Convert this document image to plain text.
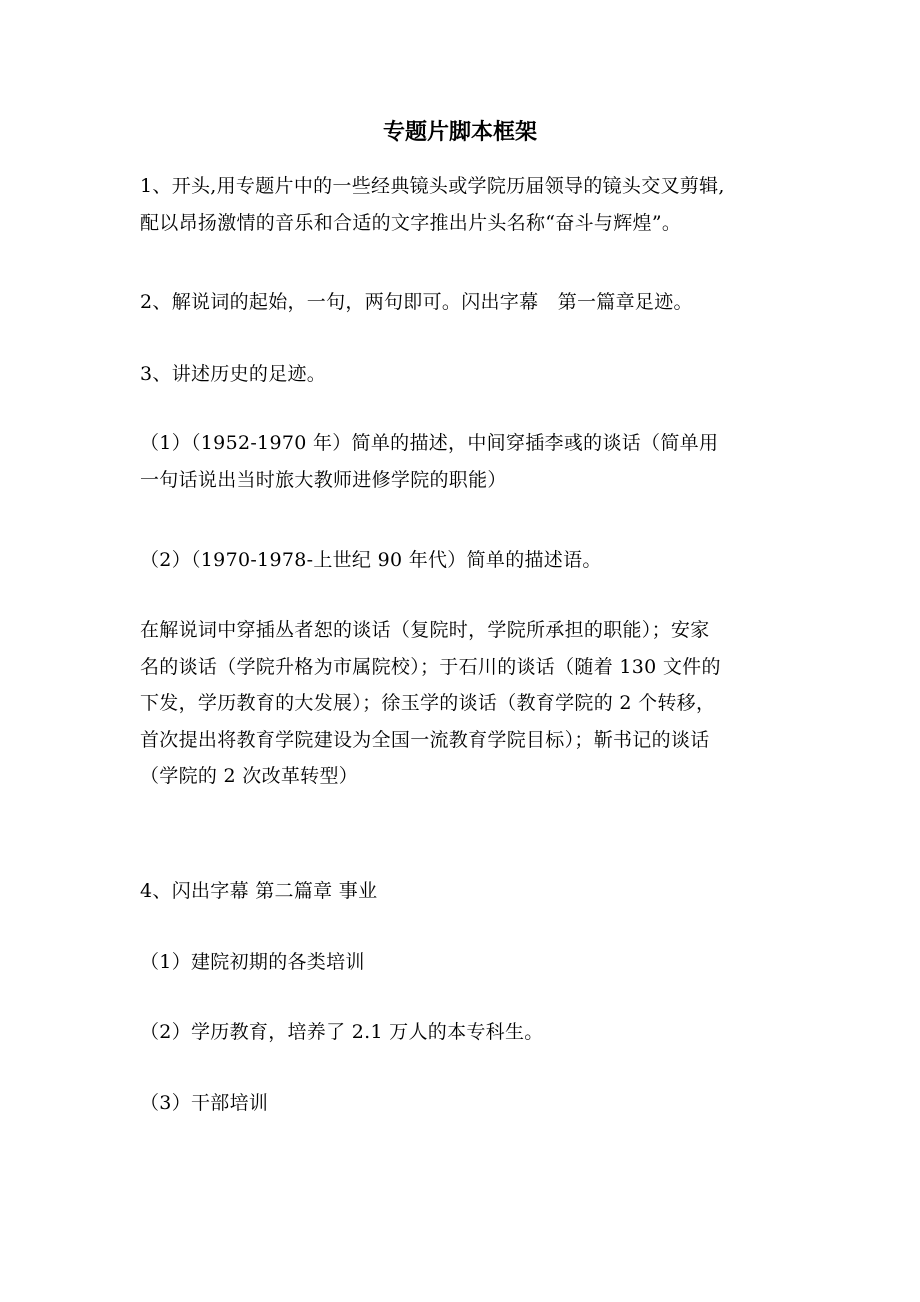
专题片脚本框架
1、开头,用专题片中的一些经典镜头或学院历届领导的镜头交叉剪辑,
配以昂扬激情的音乐和合适的文字推出片头名称“奋斗与辉煌”。
2、解说词的起始，一句，两句即可。闪出字幕　第一篇章足迹。
3、讲述历史的足迹。
（1）（1952-1970 年）简单的描述，中间穿插李彧的谈话（简单用
一句话说出当时旅大教师进修学院的职能）
（2）（1970-1978-上世纪 90 年代）简单的描述语。
在解说词中穿插丛者恕的谈话（复院时，学院所承担的职能）；安家
名的谈话（学院升格为市属院校）；于石川的谈话（随着 130 文件的
下发，学历教育的大发展）；徐玉学的谈话（教育学院的 2 个转移，
首次提出将教育学院建设为全国一流教育学院目标）；靳书记的谈话
（学院的 2 次改革转型）
4、闪出字幕 第二篇章 事业
（1）建院初期的各类培训
（2）学历教育，培养了 2.1 万人的本专科生。
（3）干部培训
